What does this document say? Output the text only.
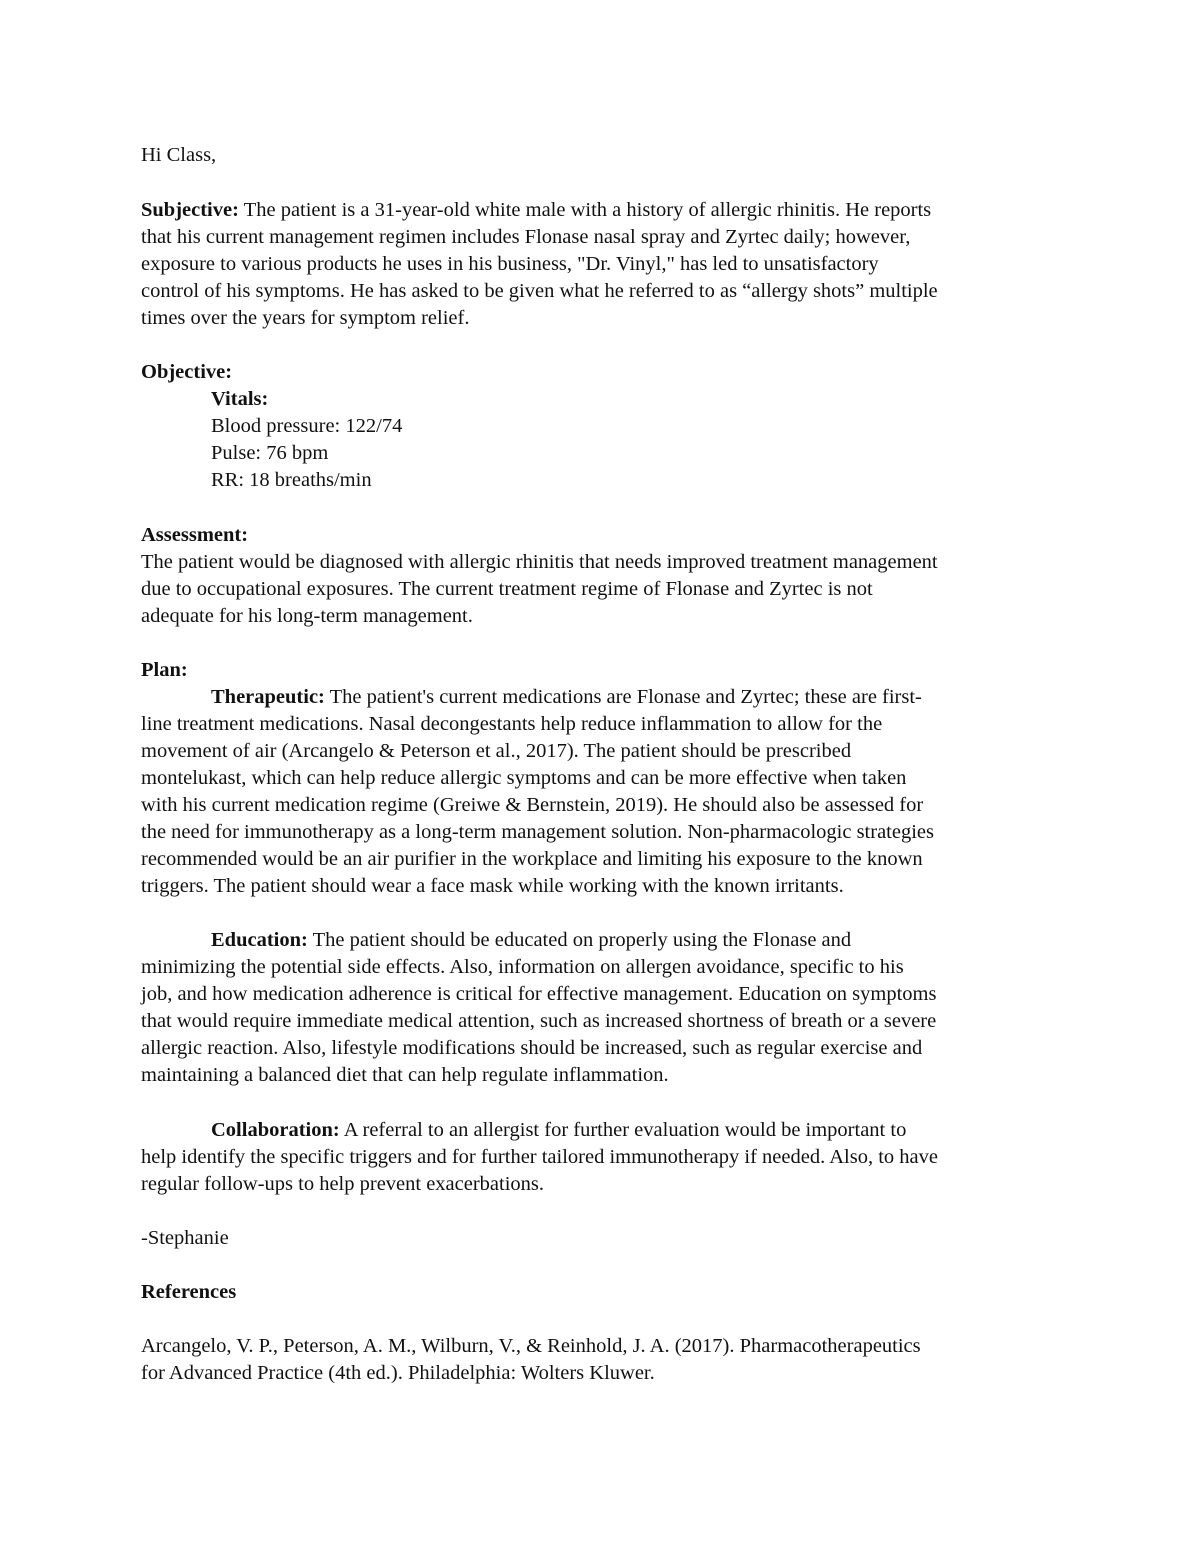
Hi Class,
Subjective: The patient is a 31-year-old white male with a history of allergic rhinitis. He reports
that his current management regimen includes Flonase nasal spray and Zyrtec daily; however,
exposure to various products he uses in his business, "Dr. Vinyl," has led to unsatisfactory
control of his symptoms. He has asked to be given what he referred to as “allergy shots” multiple
times over the years for symptom relief.
Objective:
Vitals:
Blood pressure: 122/74
Pulse: 76 bpm
RR: 18 breaths/min
Assessment:
The patient would be diagnosed with allergic rhinitis that needs improved treatment management
due to occupational exposures. The current treatment regime of Flonase and Zyrtec is not
adequate for his long-term management.
Plan:
Therapeutic: The patient's current medications are Flonase and Zyrtec; these are first-
line treatment medications. Nasal decongestants help reduce inflammation to allow for the
movement of air (Arcangelo & Peterson et al., 2017). The patient should be prescribed
montelukast, which can help reduce allergic symptoms and can be more effective when taken
with his current medication regime (Greiwe & Bernstein, 2019). He should also be assessed for
the need for immunotherapy as a long-term management solution. Non-pharmacologic strategies
recommended would be an air purifier in the workplace and limiting his exposure to the known
triggers. The patient should wear a face mask while working with the known irritants.
Education: The patient should be educated on properly using the Flonase and
minimizing the potential side effects. Also, information on allergen avoidance, specific to his
job, and how medication adherence is critical for effective management. Education on symptoms
that would require immediate medical attention, such as increased shortness of breath or a severe
allergic reaction. Also, lifestyle modifications should be increased, such as regular exercise and
maintaining a balanced diet that can help regulate inflammation.
Collaboration: A referral to an allergist for further evaluation would be important to
help identify the specific triggers and for further tailored immunotherapy if needed. Also, to have
regular follow-ups to help prevent exacerbations.
-Stephanie
References
Arcangelo, V. P., Peterson, A. M., Wilburn, V., & Reinhold, J. A. (2017). Pharmacotherapeutics
for Advanced Practice (4th ed.). Philadelphia: Wolters Kluwer.
